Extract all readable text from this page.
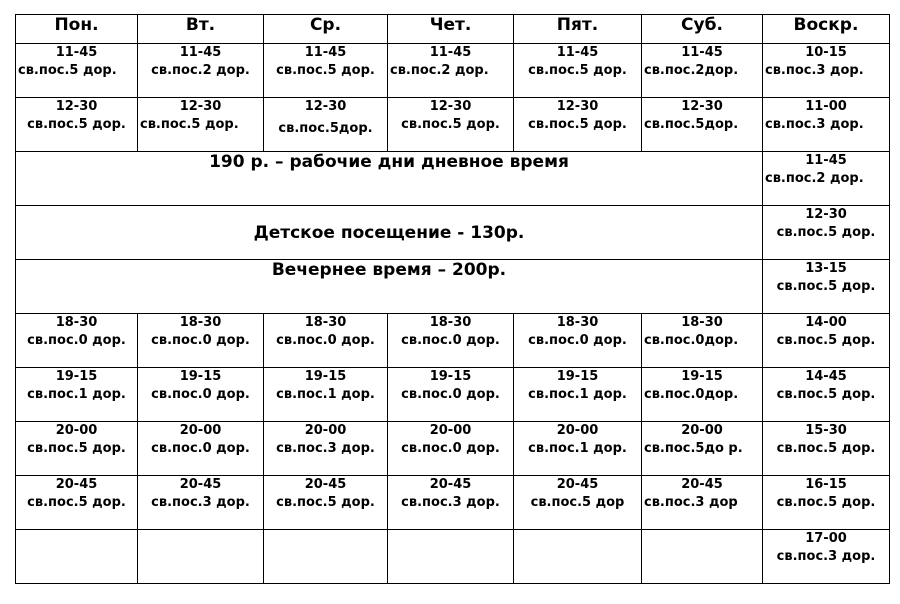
Пон.	Вт.	Ср.	Чет.	Пят.	Суб.	Воскр.

11-45
св.пос.5 дор.	11-45
св.пос.2 дор.	11-45
св.пос.5 дор.	11-45
св.пос.2 дор.	11-45
св.пос.5 дор.	11-45
св.пос.2дор.	10-15
св.пос.3 дор.

12-30
св.пос.5 дор.	12-30
св.пос.5 дор.	12-30
св.пос.5дор.	12-30
св.пос.5 дор.	12-30
св.пос.5 дор.	12-30
св.пос.5дор.	11-00
св.пос.3 дор.

190 р. – рабочие дни дневное время						11-45
св.пос.2 дор.

Детское посещение - 130р.						12-30
св.пос.5 дор.

Вечернее время – 200р.						13-15
св.пос.5 дор.

18-30
св.пос.0 дор.	18-30
св.пос.0 дор.	18-30
св.пос.0 дор.	18-30
св.пос.0 дор.	18-30
св.пос.0 дор.	18-30
св.пос.0дор.	14-00
св.пос.5 дор.

19-15
св.пос.1 дор.	19-15
св.пос.0 дор.	19-15
св.пос.1 дор.	19-15
св.пос.0 дор.	19-15
св.пос.1 дор.	19-15
св.пос.0дор.	14-45
св.пос.5 дор.

20-00
св.пос.5 дор.	20-00
св.пос.0 дор.	20-00
св.пос.3 дор.	20-00
св.пос.0 дор.	20-00
св.пос.1 дор.	20-00
св.пос.5до р.	15-30
св.пос.5 дор.

20-45
св.пос.5 дор.	20-45
св.пос.3 дор.	20-45
св.пос.5 дор.	20-45
св.пос.3 дор.	20-45
св.пос.5 дор	20-45
св.пос.3 дор	16-15
св.пос.5 дор.

						17-00
св.пос.3 дор.
